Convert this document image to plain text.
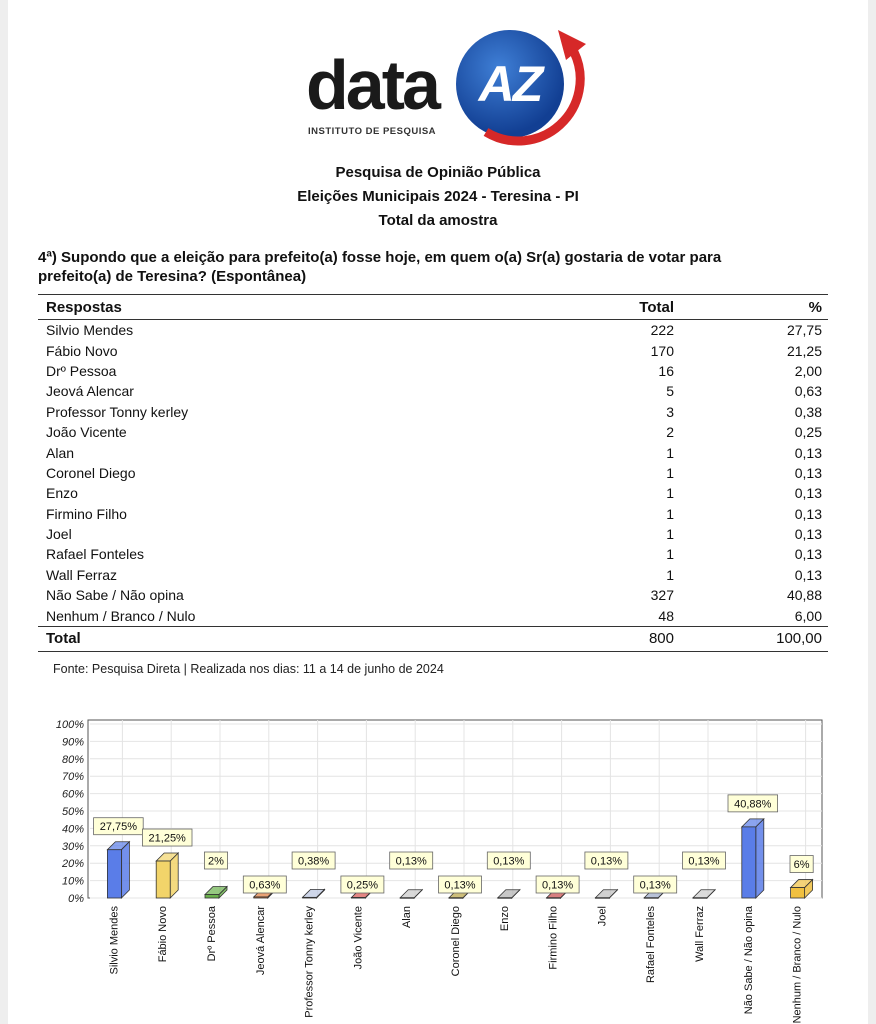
data AZ
INSTITUTO DE PESQUISA
Pesquisa de Opinião Pública
Eleições Municipais 2024 - Teresina - PI
Total da amostra
4ª) Supondo que a eleição para prefeito(a) fosse hoje, em quem o(a) Sr(a) gostaria de votar para prefeito(a) de Teresina? (Espontânea)
Respostas	Total	%
Silvio Mendes	222	27,75
Fábio Novo	170	21,25
Drº Pessoa	16	2,00
Jeová Alencar	5	0,63
Professor Tonny kerley	3	0,38
João Vicente	2	0,25
Alan	1	0,13
Coronel Diego	1	0,13
Enzo	1	0,13
Firmino Filho	1	0,13
Joel	1	0,13
Rafael Fonteles	1	0,13
Wall Ferraz	1	0,13
Não Sabe / Não opina	327	40,88
Nenhum / Branco / Nulo	48	6,00
Total	800	100,00
Fonte: Pesquisa Direta | Realizada nos dias: 11 a 14 de junho de 2024
0%
10%
20%
30%
40%
50%
60%
70%
80%
90%
100%
27,75%
Silvio Mendes
21,25%
Fábio Novo
2%
Drº Pessoa
0,63%
Jeová Alencar
0,38%
Professor Tonny kerley
0,25%
João Vicente
0,13%
Alan
0,13%
Coronel Diego
0,13%
Enzo
0,13%
Firmino Filho
0,13%
Joel
0,13%
Rafael Fonteles
0,13%
Wall Ferraz
40,88%
Não Sabe / Não opina
6%
Nenhum / Branco / Nulo
